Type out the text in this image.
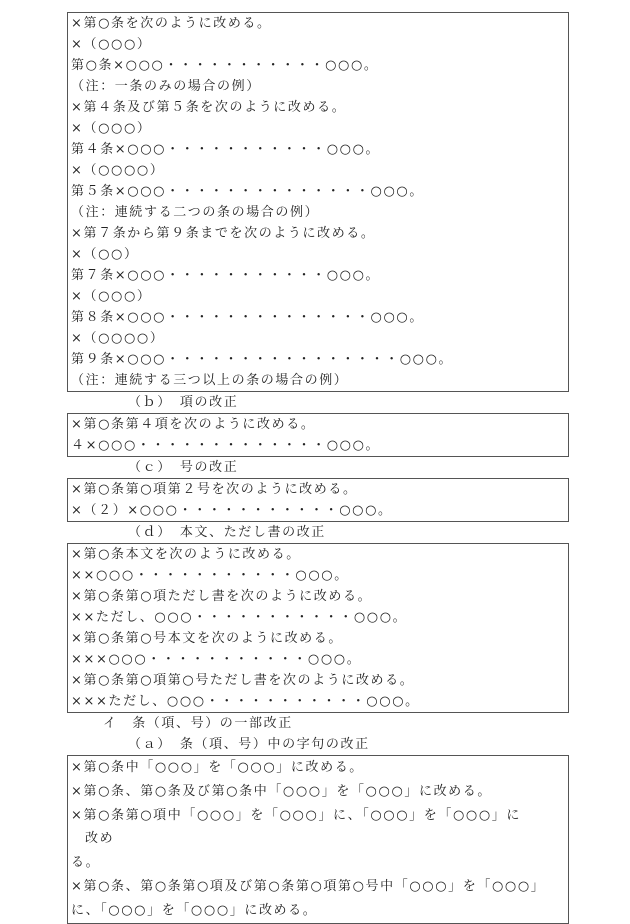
×第○条を次のように改める。
×（○○○）
第○条×○○○・・・・・・・・・・・○○○。
（注：一条のみの場合の例）
×第４条及び第５条を次のように改める。
×（○○○）
第４条×○○○・・・・・・・・・・・○○○。
×（○○○○）
第５条×○○○・・・・・・・・・・・・・・○○○。
（注：連続する二つの条の場合の例）
×第７条から第９条までを次のように改める。
×（○○）
第７条×○○○・・・・・・・・・・・○○○。
×（○○○）
第８条×○○○・・・・・・・・・・・・・・○○○。
×（○○○○）
第９条×○○○・・・・・・・・・・・・・・・・○○○。
（注：連続する三つ以上の条の場合の例）
（ｂ）　項の改正
×第○条第４項を次のように改める。
４×○○○・・・・・・・・・・・・・○○○。
（ｃ）　号の改正
×第○条第○項第２号を次のように改める。
×（２）×○○○・・・・・・・・・・・○○○。
（ｄ）　本文、ただし書の改正
×第○条本文を次のように改める。
××○○○・・・・・・・・・・・○○○。
×第○条第○項ただし書を次のように改める。
××ただし、○○○・・・・・・・・・・・○○○。
×第○条第○号本文を次のように改める。
×××○○○・・・・・・・・・・・○○○。
×第○条第○項第○号ただし書を次のように改める。
×××ただし、○○○・・・・・・・・・・・○○○。
イ　条（項、号）の一部改正
（ａ）　条（項、号）中の字句の改正
×第○条中「○○○」を「○○○」に改める。
×第○条、第○条及び第○条中「○○○」を「○○○」に改める。
×第○条第○項中「○○○」を「○○○」に、「○○○」を「○○○」に
改め
る。
×第○条、第○条第○項及び第○条第○項第○号中「○○○」を「○○○」
に、「○○○」を「○○○」に改める。
